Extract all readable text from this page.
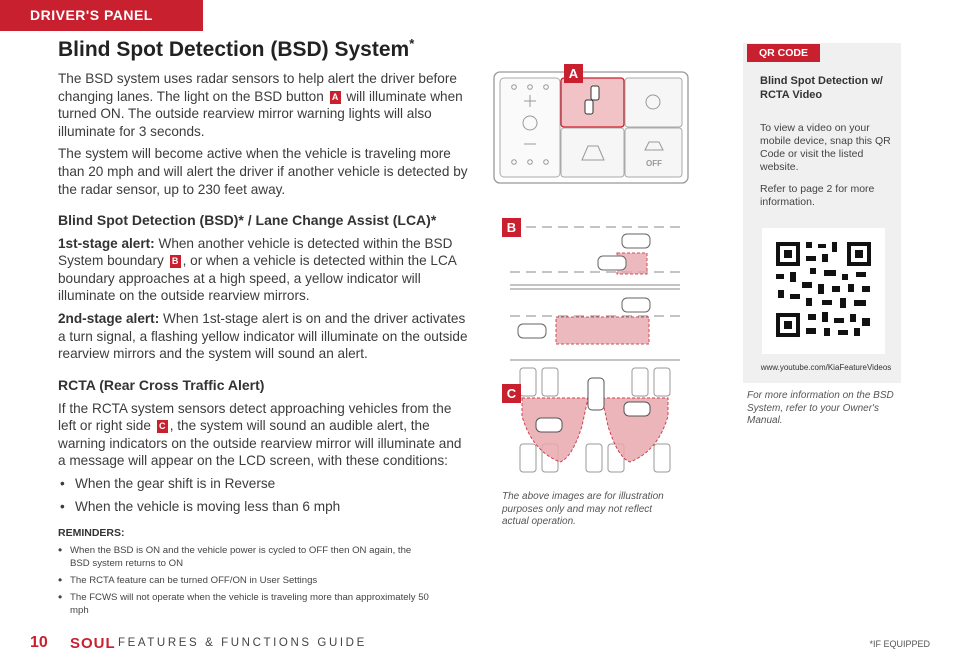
DRIVER'S PANEL
Blind Spot Detection (BSD) System*

The BSD system uses radar sensors to help alert the driver before changing lanes. The light on the BSD button A will illuminate when turned ON. The outside rearview mirror warning lights will also illuminate for 3 seconds.

The system will become active when the vehicle is traveling more than 20 mph and will alert the driver if another vehicle is detected by the radar sensor, up to 230 feet away.

Blind Spot Detection (BSD)* / Lane Change Assist (LCA)*

1st-stage alert: When another vehicle is detected within the BSD System boundary B , or when a vehicle is detected within the LCA boundary approaches at a high speed, a yellow indicator will illuminate on the outside rearview mirrors.

2nd-stage alert: When 1st-stage alert is on and the driver activates a turn signal, a flashing yellow indicator will illuminate on the outside rearview mirrors and the system will sound an alert.

RCTA (Rear Cross Traffic Alert)

If the RCTA system sensors detect approaching vehicles from the left or right side C , the system will sound an audible alert, the warning indicators on the outside rearview mirror will illuminate and a message will appear on the LCD screen, with these conditions:

• When the gear shift is in Reverse

• When the vehicle is moving less than 6 mph

REMINDERS:
• When the BSD is ON and the vehicle power is cycled to OFF then ON again, the BSD system returns to ON
• The RCTA feature can be turned OFF/ON in User Settings
• The FCWS will not operate when the vehicle is traveling more than approximately 50 mph
OFF
A
B
C
The above images are for illustration purposes only and may not reflect actual operation.
QR CODE
Blind Spot Detection w/ RCTA Video
To view a video on your mobile device, snap this QR Code or visit the listed website.
Refer to page 2 for more information.
www.youtube.com/KiaFeatureVideos
For more information on the BSD System, refer to your Owner's Manual.
10 SOUL FEATURES & FUNCTIONS GUIDE	*IF EQUIPPED
